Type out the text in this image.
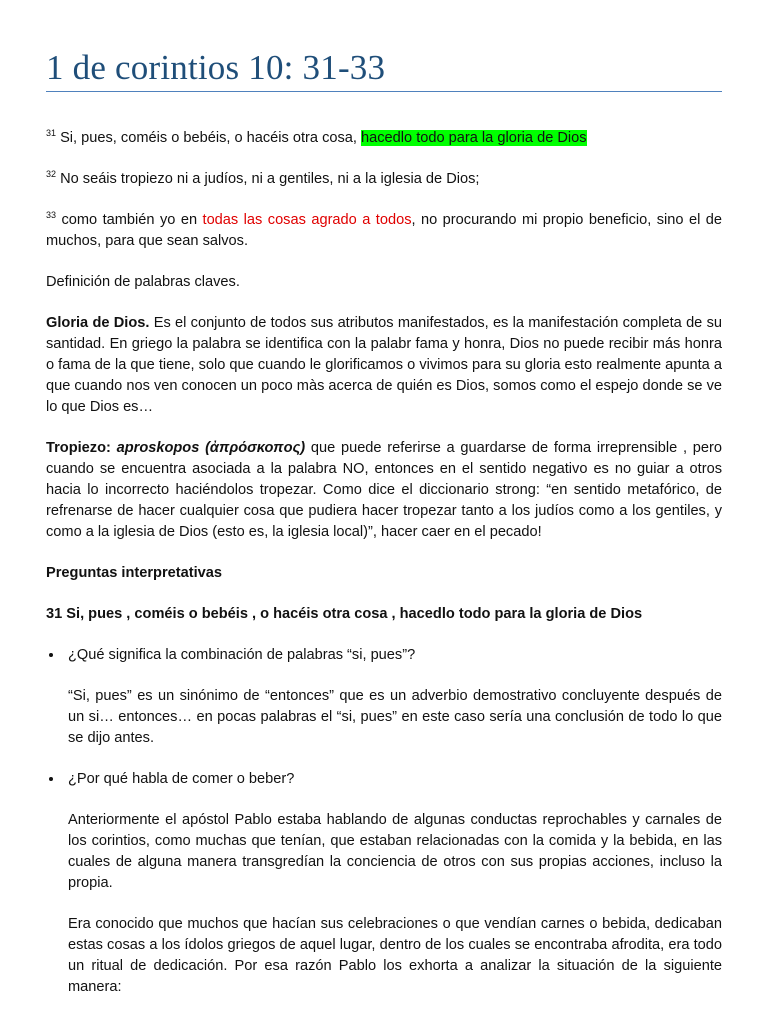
1 de corintios 10: 31-33

$^{31}$ Si, pues, coméis o bebéis, o hacéis otra cosa, hacedlo todo para la gloria de Dios

$^{32}$ No seáis tropiezo ni a judíos, ni a gentiles, ni a la iglesia de Dios;

$^{33}$ como también yo en todas las cosas agrado a todos, no procurando mi propio beneficio, sino el de muchos, para que sean salvos.

Definición de palabras claves.

Gloria de Dios. Es el conjunto de todos sus atributos manifestados, es la manifestación completa de su santidad. En griego la palabra se identifica con la palabr fama y honra, Dios no puede recibir más honra o fama de la que tiene, solo que cuando le glorificamos o vivimos para su gloria esto realmente apunta a que cuando nos ven conocen un poco màs acerca de quién es Dios, somos como el espejo donde se ve lo que Dios es…

Tropiezo: aproskopos (ἀπρόσκοπος) que puede referirse a guardarse de forma irreprensible , pero cuando se encuentra asociada a la palabra NO, entonces en el sentido negativo es no guiar a otros hacia lo incorrecto haciéndolos tropezar. Como dice el diccionario strong: “en sentido metafórico, de refrenarse de hacer cualquier cosa que pudiera hacer tropezar tanto a los judíos como a los gentiles, y como a la iglesia de Dios (esto es, la iglesia local)”, hacer caer en el pecado!

Preguntas interpretativas

31 Si, pues , coméis o bebéis , o hacéis otra cosa , hacedlo todo para la gloria de Dios

• ¿Qué significa la combinación de palabras “si, pues”?

“Si, pues” es un sinónimo de “entonces” que es un adverbio demostrativo concluyente después de un si… entonces… en pocas palabras el “si, pues” en este caso sería una conclusión de todo lo que se dijo antes.

• ¿Por qué habla de comer o beber?

Anteriormente el apóstol Pablo estaba hablando de algunas conductas reprochables y carnales de los corintios, como muchas que tenían, que estaban relacionadas con la comida y la bebida, en las cuales de alguna manera transgredían la conciencia de otros con sus propias acciones, incluso la propia.

Era conocido que muchos que hacían sus celebraciones o que vendían carnes o bebida, dedicaban estas cosas a los ídolos griegos de aquel lugar, dentro de los cuales se encontraba afrodita, era todo un ritual de dedicación. Por esa razón Pablo los exhorta a analizar la situación de la siguiente manera:
